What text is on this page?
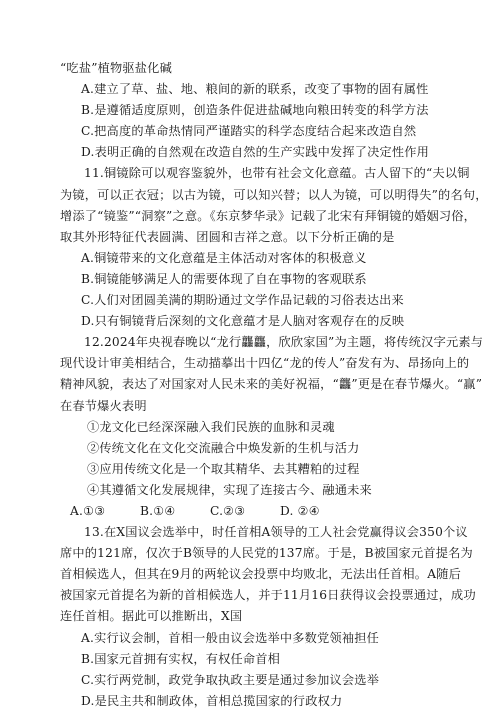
“吃盐”植物驱盐化碱
A.建立了草、盐、地、粮间的新的联系，改变了事物的固有属性
B.是遵循适度原则，创造条件促进盐碱地向粮田转变的科学方法
C.把高度的革命热情同严谨踏实的科学态度结合起来改造自然
D.表明正确的自然观在改造自然的生产实践中发挥了决定性作用
11.铜镜除可以观容鉴貌外，也带有社会文化意蕴。古人留下的“夫以铜
为镜，可以正衣冠；以古为镜，可以知兴替；以人为镜，可以明得失”的名句，
增添了“镜鉴”“洞察”之意。《东京梦华录》记载了北宋有拜铜镜的婚姻习俗，
取其外形特征代表圆满、团圆和吉祥之意。以下分析正确的是
A.铜镜带来的文化意蕴是主体活动对客体的积极意义
B.铜镜能够满足人的需要体现了自在事物的客观联系
C.人们对团圆美满的期盼通过文学作品记载的习俗表达出来
D.只有铜镜背后深刻的文化意蕴才是人脑对客观存在的反映
12.2024年央视春晚以“龙行龘龘，欣欣家国”为主题，将传统汉字元素与
现代设计审美相结合，生动描摹出十四亿“龙的传人”奋发有为、昂扬向上的
精神风貌，表达了对国家对人民未来的美好祝福，“龘”更是在春节爆火。“赢”
在春节爆火表明
①龙文化已经深深融入我们民族的血脉和灵魂
②传统文化在文化交流融合中焕发新的生机与活力
③应用传统文化是一个取其精华、去其糟粕的过程
④其遵循文化发展规律，实现了连接古今、融通未来
A.①③	B.①④	C.②③	D. ②④
13.在X国议会选举中，时任首相A领导的工人社会党赢得议会350个议
席中的121席，仅次于B领导的人民党的137席。于是，B被国家元首提名为
首相候选人，但其在9月的两轮议会投票中均败北，无法出任首相。A随后
被国家元首提名为新的首相候选人，并于11月16日获得议会投票通过，成功
连任首相。据此可以推断出，X国
A.实行议会制，首相一般由议会选举中多数党领袖担任
B.国家元首拥有实权，有权任命首相
C.实行两党制，政党争取执政主要是通过参加议会选举
D.是民主共和制政体，首相总揽国家的行政权力
